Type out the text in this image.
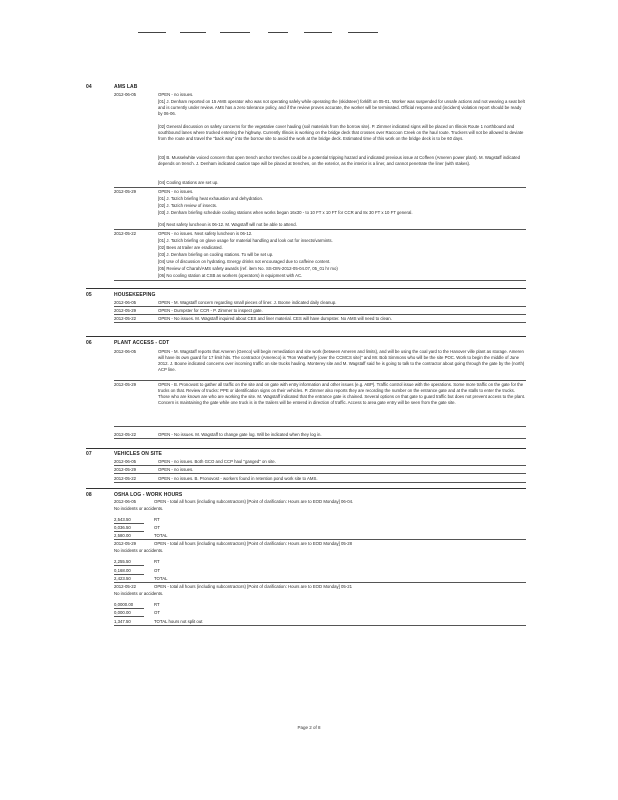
04	AMS LAB
2012-06-05	OPEN - no issues.
[01] J. Denham reported on 15 AMS operator who was not operating safely while operating the (skidsteer) forklift on 05-01. Worker was suspended for unsafe actions and not wearing a seat belt and is currently under review. AMS has a zero tolerance policy, and if the review proves accurate, the worker will be terminated. Official response and (incident) violation report should be ready by 06-06.
[02] General discussion on safety concerns for the vegetative cover hauling (soil materials from the borrow site). P. Zimmer indicated signs will be placed on Illinois Route 1 northbound and southbound lanes where trucked entering the highway. Currently Illinois is working on the bridge deck that crosses over Raccoon Creek on the haul route. Truckers will not be allowed to deviate from the route and travel the "back way" into the borrow site to avoid the work at the bridge deck. Estimated time of this work on the bridge deck is to be 60 days.
[03] B. Musselwhite voiced concern that open trench anchor trenches could be a potential tripping hazard and indicated previous issue at Coffeen (Ameren power plant). M. Wagstaff indicated depends on trench. J. Denham indicated caution tape will be placed at trenches, on the exterior, as the interior is a liner, and cannot penetrate the liner (with stakes).
[04] Cooling stations are set up.
2012-05-29	OPEN - no issues.
[01] J. Tazich briefing heat exhaustion and dehydration.
[02] J. Tazich review of insects.
[03] J. Denham briefing schedule cooling stations when works began 16x30 - to 10 FT x 10 FT for CCR and 8x 30 FT x 10 FT general.
[04] Next safety luncheon is 06-12. M. Wagstaff will not be able to attend.
2012-05-22	OPEN - no issues. Next safety luncheon is 06-12.
[01] J. Tazich briefing on glove usage for material handling and look out for insects/varmints.
[02] Bees at trailer are eradicated.
[03] J. Denham briefing on cooling stations. To will be set up.
[04] Use of discussion on hydrating. Energy drinks not encouraged due to caffeine content.
[05] Review of Charah/AMS safety awards (ref. item No. SS-DIN-2012-05-04.07, 05_01 hr mo)
[06] No cooling station at CSB as workers (operators) in equipment with AC.
05	HOUSEKEEPING
2012-06-05	OPEN - M. Wagstaff concern regarding small pieces of liner. J. Boone indicated daily cleanup.
2012-05-29	OPEN - Dumpster for CCR - P. Zimmer to inspect gate.
2012-05-22	OPEN - No issues. M. Wagstaff inquired about CES and liner material. CES will have dumpster. No AMS will need to clean.
06	PLANT ACCESS - CDT
2012-06-05	OPEN - M. Wagstaff reports that Ameren (Genco) will begin remediation and site work (between Ameren and limits), and will be using the coal yard to the Hanover ville plant as storage. Ameren will have its own guard for 17 limit hits. The contractor (Amereco) is "Ron Weatherly (over the CCMCS site)" and Mr. Bob Simmons who will be the site POC. Work to begin the middle of June 2012. J. Boone indicated concerns over incoming traffic on site trucks hauling. Monterey site and M. Wagstaff said he is going to talk to the contractor about going through the gate by the (north) ACP line.
2012-05-29	OPEN - B. Pronovost to gather all traffic on the site and on gate with entry information and other issues (e.g. ABP). Traffic control issue with the operations. Some more traffic on the gate for the trucks on that. Review of trucks: PPE or identification signs on their vehicles. P. Zimmer also reports they are recording the number on the entrance gate and at the stalls to enter the trucks. Those who are known are who are working the site. M. Wagstaff indicated that the entrance gate is chained. Several options on that gate to guard traffic but does not prevent access to the plant. Concern is maintaining the gate while one truck is in the trailers will be entered in direction of traffic. Access to area gate entry will be seen from the gate site.
2012-05-22	OPEN - No issues. M. Wagstaff to change gate log. Will be indicated when they log in.
07	VEHICLES ON SITE
2012-06-05	OPEN - no issues. Both GCO and CCP haul "ganged" on site.
2012-05-29	OPEN - no issues.
2012-05-22	OPEN - no issues. B. Pronovost - workers found in retention pond work site to AMS.
08	OSHA LOG - WORK HOURS
2012-06-05	OPEN - total all hours (including subcontractors) [Point of clarification: Hours are to EOD Monday] 06-04.
No incidents or accidents.
2,543.50	RT
0,036.50	OT
2,580.00	TOTAL
2012-05-29	OPEN - total all hours (including subcontractors) [Point of clarification: Hours are to EOD Monday] 05-28
No incidents or accidents.
2,255.50	RT
0,168.00	OT
2,423.50	TOTAL
2012-05-22	OPEN - total all hours (including subcontractors) [Point of clarification: Hours are to EOD Monday] 05-21
No incidents or accidents.
0,0000.00	RT
0,000.00	OT
1,347.50	TOTAL hours not split out
Page 2 of 8
